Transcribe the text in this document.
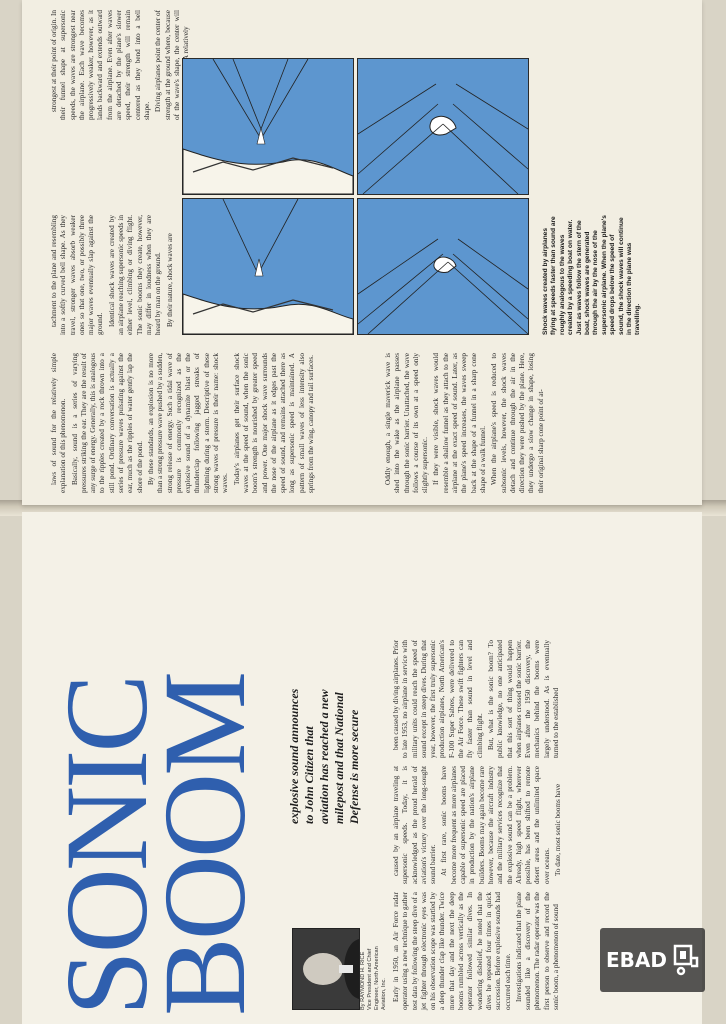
laws of sound for the relatively simple explanation of this phenomenon. Basically, sound is a series of varying pressures striking the ear. They are the result of any surge of energy. Generally, this is analogous to the ripples created by a rock thrown into a still pond. Ordinary conversation is actually a series of pressure waves pulsating against the ear, much as the ripples of water gently lap the shore of the pond. By these standards, an explosion is no more than a strong pressure wave pushed by a sudden, strong release of energy. Such a tidal wave of pressure is commonly recognized as the explosive sound of a dynamite blast or the thunderclap following jagged streaks of lightning during a storm. Descriptive of these strong waves of pressure is their name: shock waves. Today's airplanes get their surface shock waves at the speed of sound, when the sonic boom's strength is nourished by greater speed and power. One major shock wave surrounds the nose of the airplane as it edges past the speed of sound, and remains attached there as long as supersonic speed is maintained. A pattern of small waves of less intensity also springs from the wing, canopy and tail surfaces.	Oddly enough, a single maverick wave is shed into the wake as the airplane passes through the sonic barrier. Unattached, the wave follows a course of its own at a speed only slightly supersonic. If they were visible, shock waves would resemble a shallow funnel as they attach to the airplane at the exact speed of sound. Later, as the plane's speed increases, the waves sweep back at the shape of a funnel in a sharp cone shape of a walk funnel. When the airplane's speed is reduced to subsonic levels, however, the shock waves detach and continue through the air in the direction they were pushed by the plane. Here, they undergo a slow change in shape, losing their original sharp cone point of at-

Shock waves created by airplanes flying at speeds faster than sound are roughly analogous to the waves created by a speeding boat on water. Just as waves follow the stern of the boat, shock waves are generated through the air by the nose of the supersonic airplane. When the plane's speed drops below the speed of sound, the shock waves will continue in the direction the plane was travelling.

tachment to the plane and resembling into a softly curved bell shape. As they travel, stronger waves absorb weaker ones so that one, two, or possibly three major waves eventually slap against the ground. Identical shock waves are created by an airplane reaching supersonic speeds in either level, climbing or diving flight. The sonic booms they create, however, may differ in loudness when they are heard by man on the ground. By their nature, shock waves are

strongest at their point of origin. In their funnel shape at supersonic speeds, the waves are strongest near the airplane. Each wave becomes progressively weaker, however, as it lands backward and extends outward from the airplane. Even after waves are detached by the plane's slower speed, their strength will remain centered as they bend into a bell shape. Diving airplanes point the center of strength at the ground where, because of the wave's shape, the center will relatively

SONIC
BOOM	By RAYMOND H. RICE Vice President and Chief Engineer, North American Aviation, Inc.
explosive sound announces to John Citizen that aviation has reached a new milepost and that National Defense is more secure

Early in 1950, an Air Force radar operator using a new technique to gather test data by following the steep dive of a jet fighter through electronic eyes was on his observation scope was startled by a deep thunder clap like thunder. Twice more that day and the next the deep booms rumbled across vertically as the operator followed similar dives. In wondering disbelief, he noted that the dives he repeated four times in quick succession. Before explosive sounds had occurred each time. Investigations indicated that the plane sounded like a discovery of the phenomenon. The radar operator was the first person to observe and record the sonic boom, a phenomenon of sound

caused by an airplane traveling at supersonic speeds. Today, it is acknowledged as the proud herald of aviation's victory over the long-sought sound barrier. At first rare, sonic booms have become more frequent as more airplanes capable of supersonic speed are placed in production by the nation's airplane builders. Booms may again become rare however, because the aircraft industry and the military services recognize that the explosive sound can be a problem. Already, high speed flight, wherever possible, has been shifted to remote desert areas and the unlimited space over oceans. To date, most sonic booms have

been caused by diving airplanes. Prior to late 1953, no airplane in service with military units could reach the speed of sound except in steep dives. During that year, however, the first truly supersonic production airplanes, North American's F-100 Super Sabres, were delivered to the Air Force. These swift fighters can fly faster than sound in level and climbing flight. But, what is the sonic boom? To public knowledge, no one anticipated that this sort of thing would happen when airplanes crossed the sonic barrier. Even after the 1950 discovery, the mechanics behind the booms were largely understood. As is eventually turned to the established

EBAD
